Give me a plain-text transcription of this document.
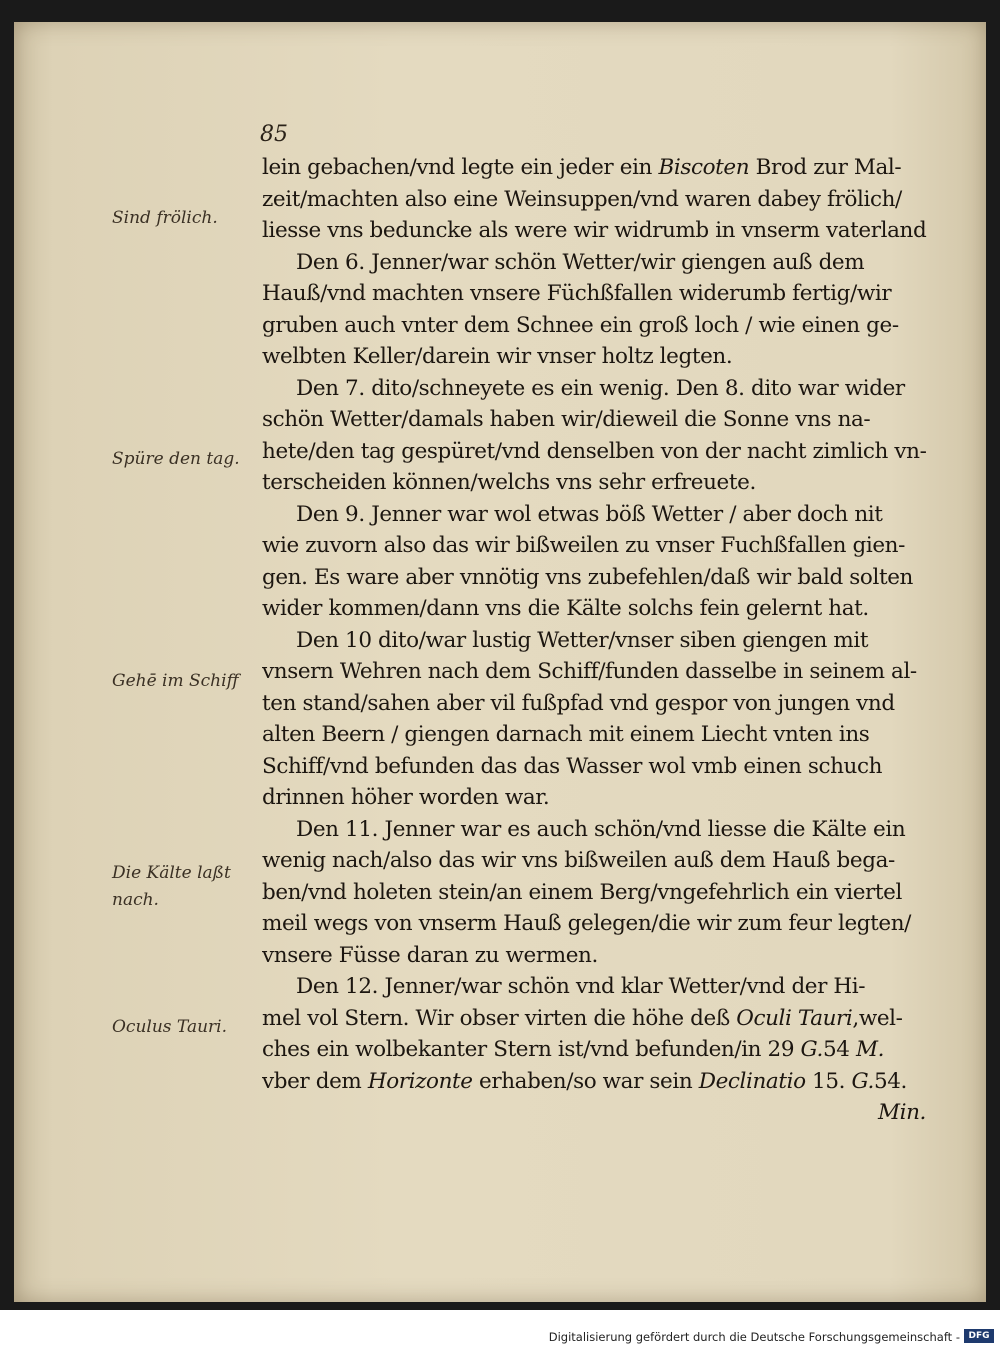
85
Sind frölich.
Spüre den tag.
Gehē im Schiff
Die Kälte laßt
nach.
Oculus Tauri.
lein gebachen/vnd legte ein jeder ein Biscoten Brod zur Mal-
zeit/machten also eine Weinsuppen/vnd waren dabey frölich/
liesse vns beduncke als were wir widrumb in vnserm vaterland
Den 6. Jenner/war schön Wetter/wir giengen auß dem
Hauß/vnd machten vnsere Füchßfallen widerumb fertig/wir
gruben auch vnter dem Schnee ein groß loch / wie einen ge-
welbten Keller/darein wir vnser holtz legten.
Den 7. dito/schneyete es ein wenig. Den 8. dito war wider
schön Wetter/damals haben wir/dieweil die Sonne vns na-
hete/den tag gespüret/vnd denselben von der nacht zimlich vn-
terscheiden können/welchs vns sehr erfreuete.
Den 9. Jenner war wol etwas böß Wetter / aber doch nit
wie zuvorn also das wir bißweilen zu vnser Fuchßfallen gien-
gen. Es ware aber vnnötig vns zubefehlen/daß wir bald solten
wider kommen/dann vns die Kälte solchs fein gelernt hat.
Den 10 dito/war lustig Wetter/vnser siben giengen mit
vnsern Wehren nach dem Schiff/funden dasselbe in seinem al-
ten stand/sahen aber vil fußpfad vnd gespor von jungen vnd
alten Beern / giengen darnach mit einem Liecht vnten ins
Schiff/vnd befunden das das Wasser wol vmb einen schuch
drinnen höher worden war.
Den 11. Jenner war es auch schön/vnd liesse die Kälte ein
wenig nach/also das wir vns bißweilen auß dem Hauß bega-
ben/vnd holeten stein/an einem Berg/vngefehrlich ein viertel
meil wegs von vnserm Hauß gelegen/die wir zum feur legten/
vnsere Füsse daran zu wermen.
Den 12. Jenner/war schön vnd klar Wetter/vnd der Hi-
mel vol Stern. Wir obser virten die höhe deß Oculi Tauri,wel-
ches ein wolbekanter Stern ist/vnd befunden/in 29 G.54 M.
vber dem Horizonte erhaben/so war sein Declinatio 15. G.54.
Min.
Digitalisierung gefördert durch die Deutsche Forschungsgemeinschaft - DFG
